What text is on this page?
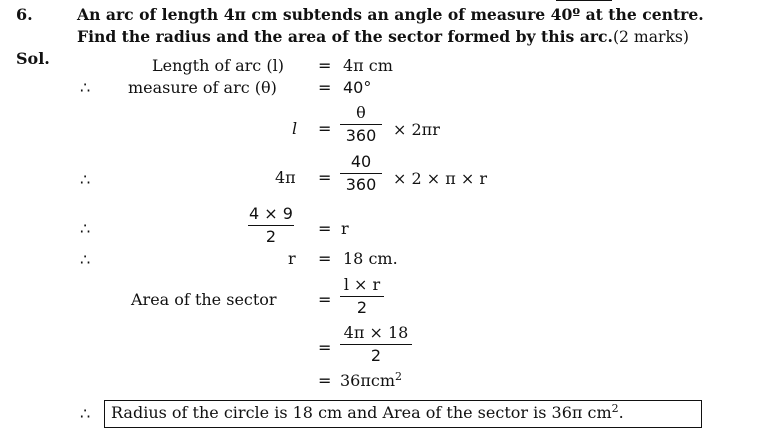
6.	An arc of length 4π cm subtends an angle of measure 40º at the centre.
Find the radius and the area of the sector formed by this arc.(2 marks)
Sol.	Length of arc (l) = 4π cm
∴ measure of arc (θ)	= 40°
l =
θ
360	× 2πr
∴	4π =
40
360	× 2 × π × r
∴
4 × 9
2	= r
∴	r = 18 cm.
Area of the sector	=
l × r
2
=
4π × 18
2
= 36πcm$^2$
∴ Radius of the circle is 18 cm and Area of the sector is 36π $cm^2$.
